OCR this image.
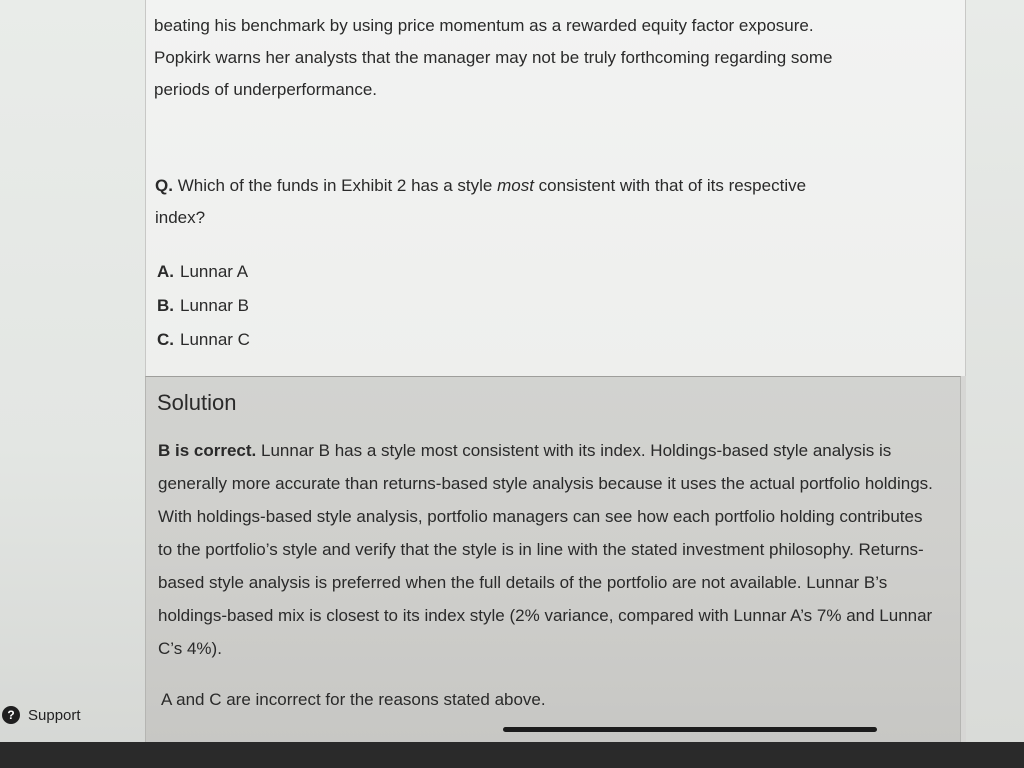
beating his benchmark by using price momentum as a rewarded equity factor exposure.

Popkirk warns her analysts that the manager may not be truly forthcoming regarding some

periods of underperformance.

Q. Which of the funds in Exhibit 2 has a style most consistent with that of its respective
index?
A. Lunnar A
B. Lunnar B
C. Lunnar C
Solution
B is correct. Lunnar B has a style most consistent with its index. Holdings-based style analysis is generally more accurate than returns-based style analysis because it uses the actual portfolio holdings. With holdings-based style analysis, portfolio managers can see how each portfolio holding contributes to the portfolio’s style and verify that the style is in line with the stated investment philosophy. Returns-based style analysis is preferred when the full details of the portfolio are not available. Lunnar B’s holdings-based mix is closest to its index style (2% variance, compared with Lunnar A’s 7% and Lunnar C’s 4%).
A and C are incorrect for the reasons stated above.
? Support
